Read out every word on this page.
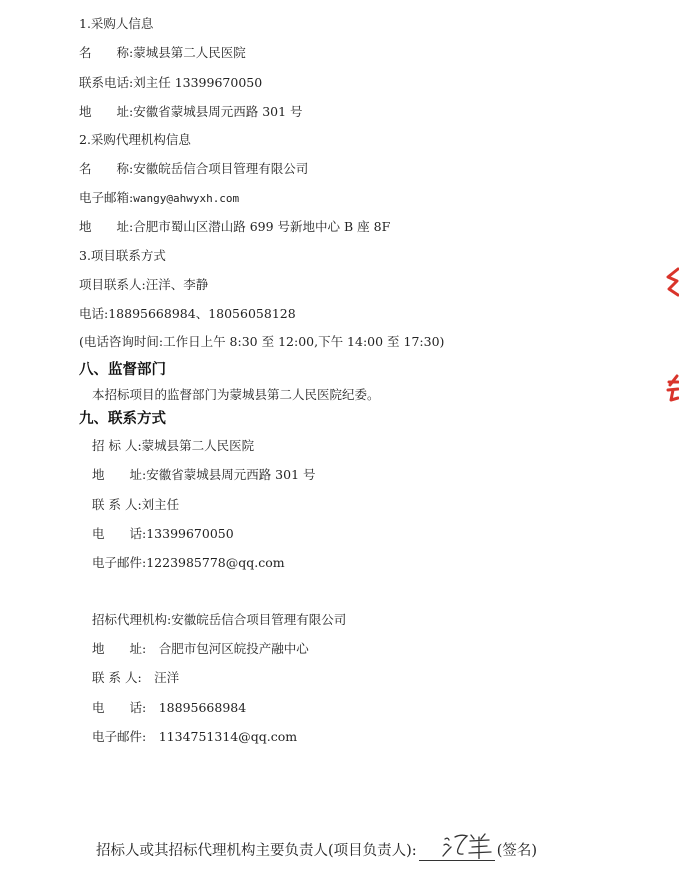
1.采购人信息
名　　称:蒙城县第二人民医院
联系电话:刘主任 13399670050
地　　址:安徽省蒙城县周元西路 301 号
2.采购代理机构信息
名　　称:安徽皖岳信合项目管理有限公司
电子邮箱:wangy@ahwyxh.com
地　　址:合肥市蜀山区潜山路 699 号新地中心 B 座 8F
3.项目联系方式
项目联系人:汪洋、李静
电话:18895668984、18056058128
(电话咨询时间:工作日上午 8:30 至 12:00,下午 14:00 至 17:30)
八、监督部门
本招标项目的监督部门为蒙城县第二人民医院纪委。
九、联系方式
招 标 人:蒙城县第二人民医院
地　　址:安徽省蒙城县周元西路 301 号
联 系 人:刘主任
电　　话:13399670050
电子邮件:1223985778@qq.com
招标代理机构:安徽皖岳信合项目管理有限公司
地　　址:　合肥市包河区皖投产融中心
联 系 人:　汪洋
电　　话:　18895668984
电子邮件:　1134751314@qq.com
招标人或其招标代理机构主要负责人(项目负责人):	(签名)
